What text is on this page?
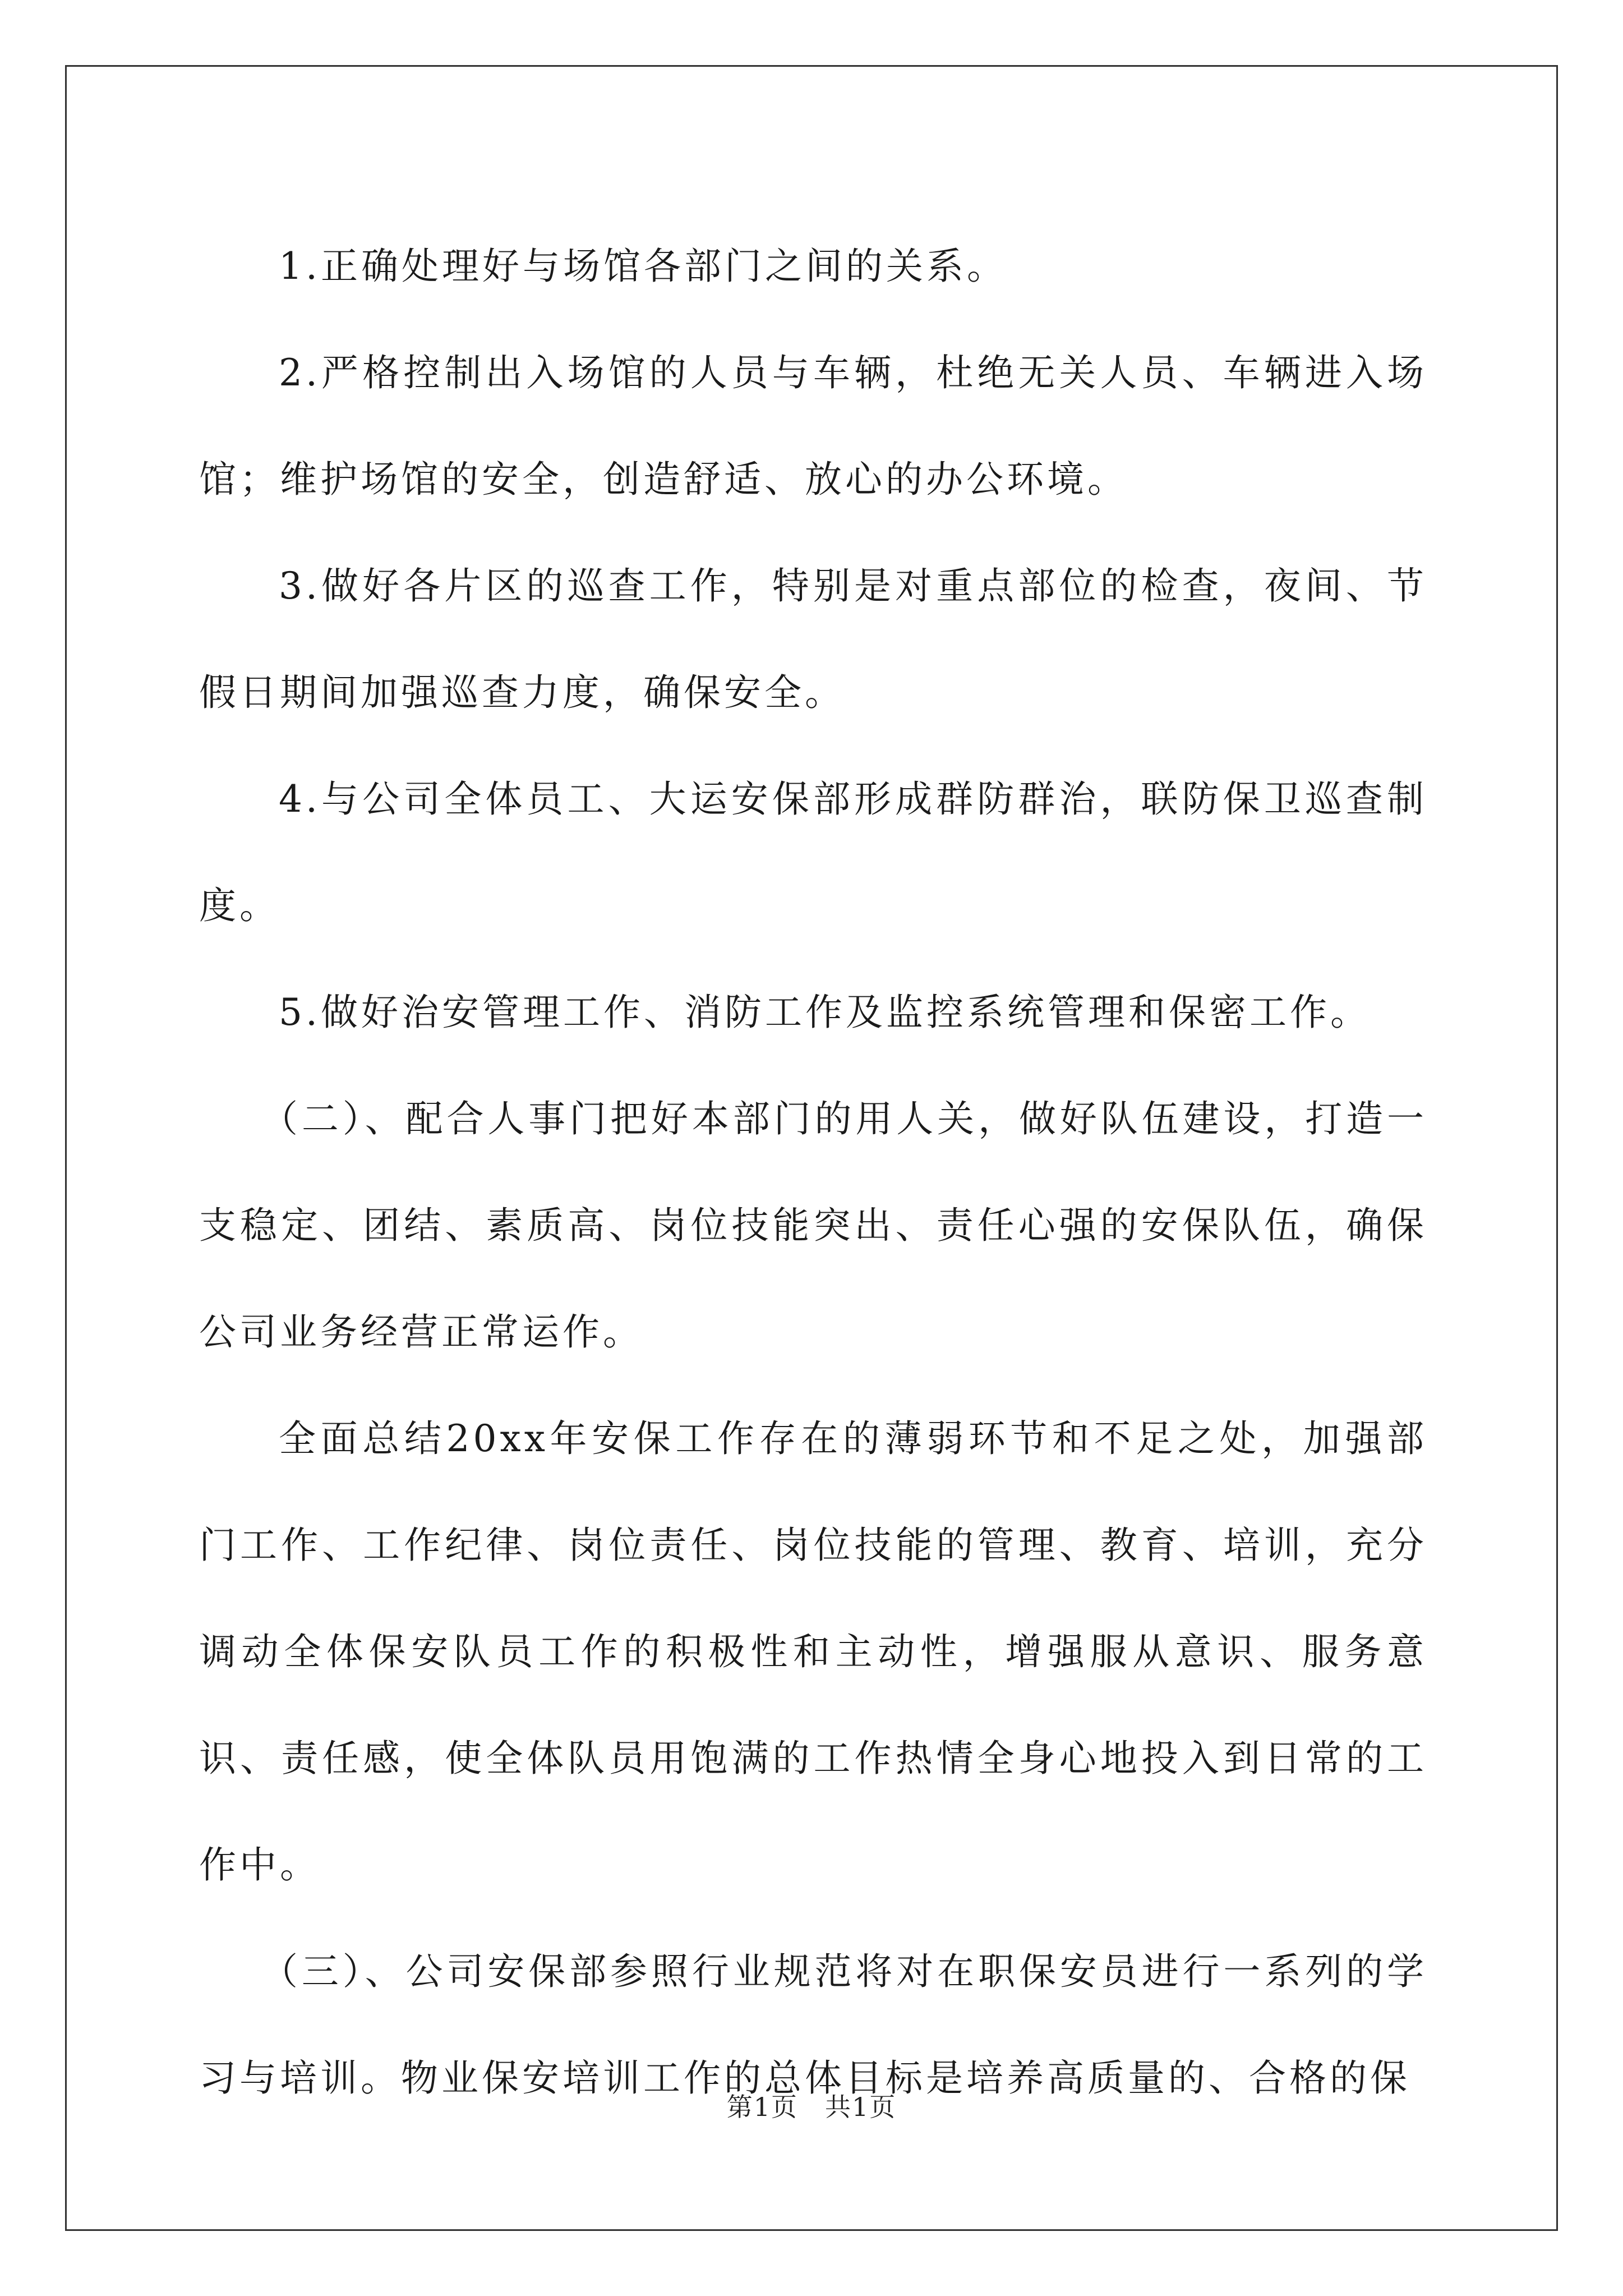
1.正确处理好与场馆各部门之间的关系。

2.严格控制出入场馆的人员与车辆，杜绝无关人员、车辆进入场馆；维护场馆的安全，创造舒适、放心的办公环境。

3.做好各片区的巡查工作，特别是对重点部位的检查，夜间、节假日期间加强巡查力度，确保安全。

4.与公司全体员工、大运安保部形成群防群治，联防保卫巡查制度。

5.做好治安管理工作、消防工作及监控系统管理和保密工作。

（二）、配合人事门把好本部门的用人关，做好队伍建设，打造一支稳定、团结、素质高、岗位技能突出、责任心强的安保队伍，确保公司业务经营正常运作。

全面总结20xx年安保工作存在的薄弱环节和不足之处，加强部门工作、工作纪律、岗位责任、岗位技能的管理、教育、培训，充分调动全体保安队员工作的积极性和主动性，增强服从意识、服务意识、责任感，使全体队员用饱满的工作热情全身心地投入到日常的工作中。

（三）、公司安保部参照行业规范将对在职保安员进行一系列的学习与培训。物业保安培训工作的总体目标是培养高质量的、合格的保

第1页　共1页
